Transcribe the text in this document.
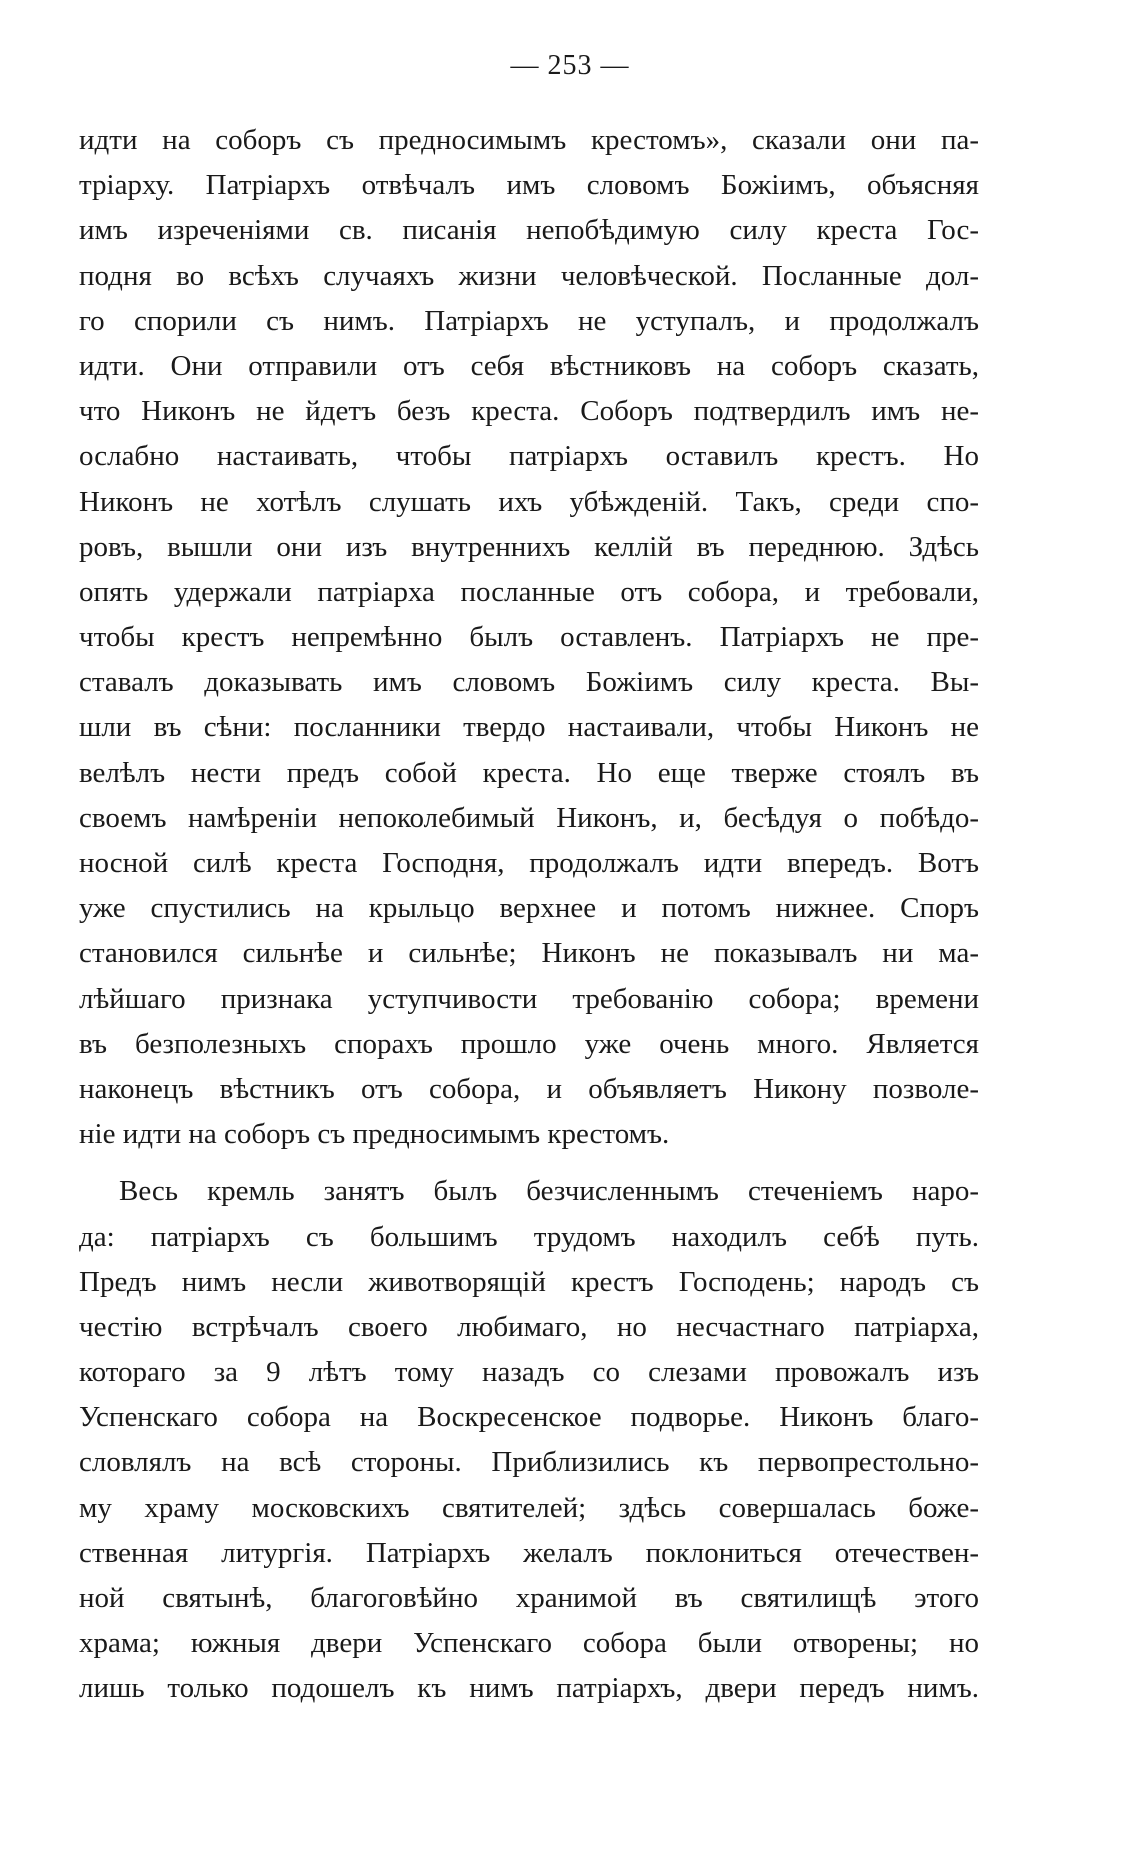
— 253 —
идти на соборъ съ предносимымъ крестомъ», сказали они па-
тріарху. Патріархъ отвѣчалъ имъ словомъ Божіимъ, объясняя
имъ изреченіями св. писанія непобѣдимую силу креста Гос-
подня во всѣхъ случаяхъ жизни человѣческой. Посланные дол-
го спорили съ нимъ. Патріархъ не уступалъ, и продолжалъ
идти. Они отправили отъ себя вѣстниковъ на соборъ сказать,
что Никонъ не йдетъ безъ креста. Соборъ подтвердилъ имъ не-
ослабно настаивать, чтобы патріархъ оставилъ крестъ. Но
Никонъ не хотѣлъ слушать ихъ убѣжденій. Такъ, среди спо-
ровъ, вышли они изъ внутреннихъ келлій въ переднюю. Здѣсь
опять удержали патріарха посланные отъ собора, и требовали,
чтобы крестъ непремѣнно былъ оставленъ. Патріархъ не пре-
ставалъ доказывать имъ словомъ Божіимъ силу креста. Вы-
шли въ сѣни: посланники твердо настаивали, чтобы Никонъ не
велѣлъ нести предъ собой креста. Но еще тверже стоялъ въ
своемъ намѣреніи непоколебимый Никонъ, и, бесѣдуя о побѣдо-
носной силѣ креста Господня, продолжалъ идти впередъ. Вотъ
уже спустились на крыльцо верхнее и потомъ нижнее. Споръ
становился сильнѣе и сильнѣе; Никонъ не показывалъ ни ма-
лѣйшаго признака уступчивости требованію собора; времени
въ безполезныхъ спорахъ прошло уже очень много. Является
наконецъ вѣстникъ отъ собора, и объявляетъ Никону позволе-
ніе идти на соборъ съ предносимымъ крестомъ.
Весь кремль занятъ былъ безчисленнымъ стеченіемъ наро-
да: патріархъ съ большимъ трудомъ находилъ себѣ путь.
Предъ нимъ несли животворящій крестъ Господень; народъ съ
честію встрѣчалъ своего любимаго, но несчастнаго патріарха,
котораго за 9 лѣтъ тому назадъ со слезами провожалъ изъ
Успенскаго собора на Воскресенское подворье. Никонъ благо-
словлялъ на всѣ стороны. Приблизились къ первопрестольно-
му храму московскихъ святителей; здѣсь совершалась боже-
ственная литургія. Патріархъ желалъ поклониться отечествен-
ной святынѣ, благоговѣйно хранимой въ святилищѣ этого
храма; южныя двери Успенскаго собора были отворены; но
лишь только подошелъ къ нимъ патріархъ, двери передъ нимъ.
